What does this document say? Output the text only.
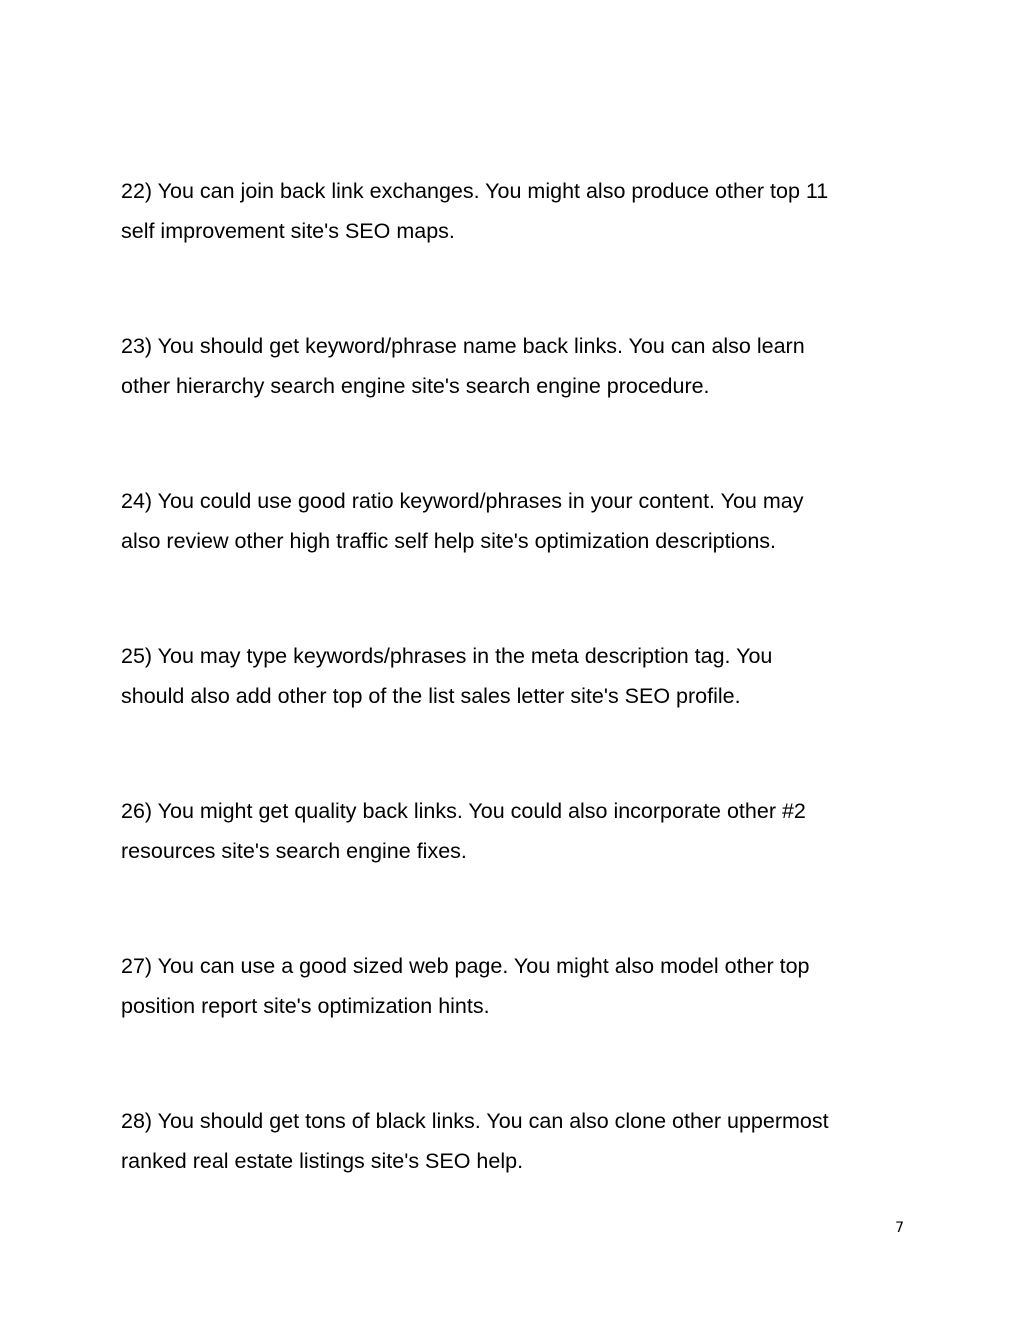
22) You can join back link exchanges. You might also produce other top 11
self improvement site's SEO maps.

23) You should get keyword/phrase name back links. You can also learn
other hierarchy search engine site's search engine procedure.

24) You could use good ratio keyword/phrases in your content. You may
also review other high traffic self help site's optimization descriptions.

25) You may type keywords/phrases in the meta description tag. You
should also add other top of the list sales letter site's SEO profile.

26) You might get quality back links. You could also incorporate other #2
resources site's search engine fixes.

27) You can use a good sized web page. You might also model other top
position report site's optimization hints.

28) You should get tons of black links. You can also clone other uppermost
ranked real estate listings site's SEO help.

7
